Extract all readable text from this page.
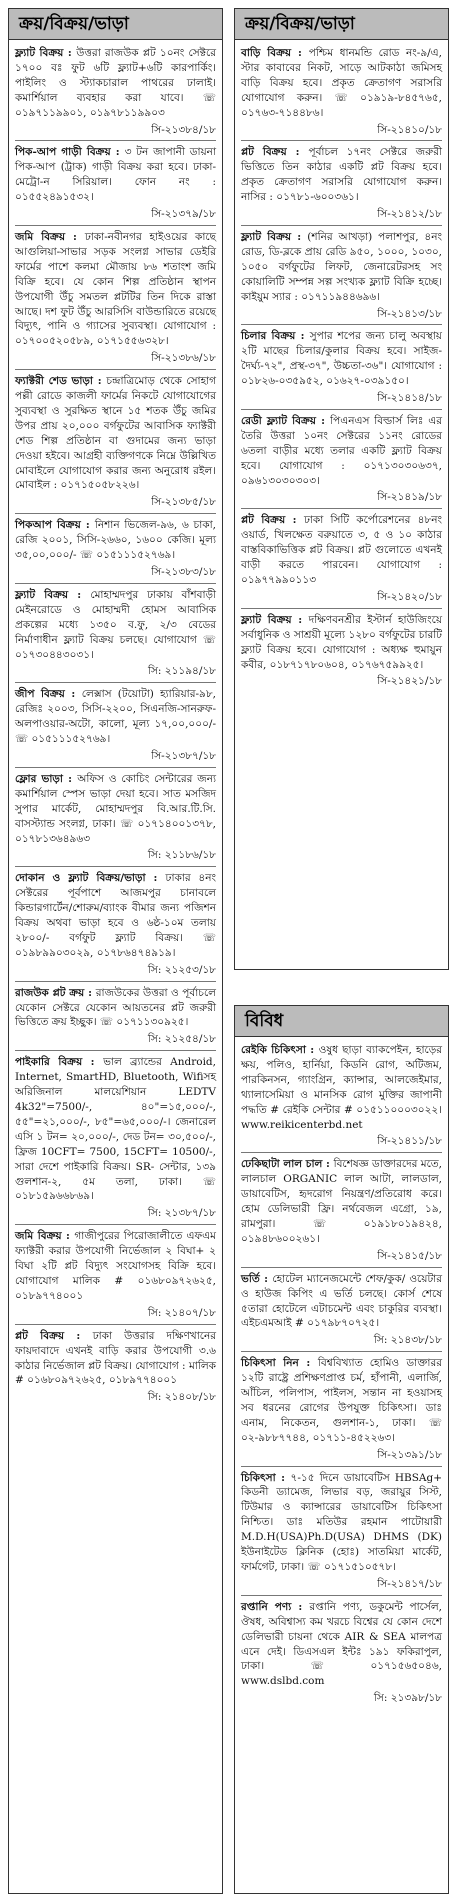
ক্রয়/বিক্রয়/ভাড়া
ফ্ল্যাট বিক্রয় : উত্তরা রাজউক প্লট ১০নং সেক্টরে ১৭০০ বঃ ফুট ৬টি ফ্ল্যাট+৬টি কারপার্কিং। পাইলিং ও স্ট্যাকচারাল পাথরের ঢালাই। কমার্শিয়াল ব্যবহার করা যাবে। ☏ ০১৯৭১১৯৯০১, ০১৯৭৮১১৯৯০৩
সি-২১৩৮৪/১৮
পিক-আপ গাড়ী বিক্রয় : ৩ টন জাপানী ডায়না পিক-আপ (ট্রাক) গাড়ী বিক্রয় করা হবে। ঢাকা-মেট্রো-ন সিরিয়াল। ফোন নং : ০১৫৫২৪৯১৫৩২।
সি-২১৩৭৯/১৮
জমি বিক্রয় : ঢাকা-নবীনগর হাইওয়ের কাছে আগুলিয়া-সাভার সড়ক সংলগ্ন সাভার ডেইরি ফার্মের পাশে কলমা মৌজায় ৮৬ শতাংশ জমি বিক্রি হবে। যে কোন শিল্প প্রতিষ্ঠান স্থাপন উপযোগী উঁচু সমতল প্লটটির তিন দিকে রাস্তা আছে। দশ ফুট উঁচু আরসিসি বাউন্ডারিতে রয়েছে বিদ্যুৎ, পানি ও গ্যাসের সুব্যবস্থা। যোগাযোগ : ০১৭০০৫২০৫৮৯, ০১৭১৫৫৬৩২৮।
সি-২১৩৮৬/১৮
ফ্যাক্টরী শেড ভাড়া : চন্দ্রাত্রিমোড় থেকে সোহাগ পল্লী রোডে কাজলী ফার্মের নিকটে যোগাযোগের সুব্যবস্থা ও সুরক্ষিত স্থানে ১৫ শতক উঁচু জমির উপর প্রায় ২০,০০০ বর্গফুটের আবাসিক ফ্যাক্টরী শেড শিল্প প্রতিষ্ঠান বা গুদামের জন্য ভাড়া দেওয়া হইবে। আগ্রহী ব্যক্তিগণকে নিম্নে উল্লিখিত মোবাইলে যোগাযোগ করার জন্য অনুরোধ রইল। মোবাইল : ০১৭১৫০৫৮২২৬।
সি-২১৩৮৫/১৮
পিকআপ বিক্রয় : নিশান ভিজেল-৯৬, ৬ চাকা, রেজি ২০০১, সিসি-২৬৬০, ১৬০০ কেজি। মূল্য ৩৫,০০,০০০/- ☏ ০১৫১১১৫২৭৬৯।
সি-২১৩৮৩/১৮
ফ্ল্যাট বিক্রয় : মোহাম্মদপুর ঢাকায় বাঁশবাড়ী মেইনরোডে ও মোহাম্মদী হোমস আবাসিক প্রকল্পের মধ্যে ১৩৫০ ব.ফু, ২/৩ বেডের নির্মাণাধীন ফ্ল্যাট বিক্রয় চলছে। যোগাযোগ ☏ ০১৭৩০৪৪৩০৩১।
সি: ২১১৯৪/১৮
জীপ বিক্রয় : লেক্সাস (টয়োটা) হ্যারিয়ার-৯৮, রেজিঃ ২০০৩, সিসি-২২০০, সিএনজি-সানরুফ-অলপাওয়ার-অটো, কালো, মূল্য ১৭,০০,০০০/- ☏ ০১৫১১১৫২৭৬৯।
সি-২১৩৮৭/১৮
ফ্লোর ভাড়া : অফিস ও কোচিং সেন্টারের জন্য কমার্শিয়াল স্পেস ভাড়া দেয়া হবে। সাত মসজিদ সুপার মার্কেট, মোহাম্মদপুর বি.আর.টি.সি. বাসস্ট্যান্ড সংলগ্ন, ঢাকা। ☏ ০১৭১৪০০১৩৭৮, ০১৭৮১৩৬৪৯৬৩
সি: ২১১৮৬/১৮
দোকান ও ফ্ল্যাট বিক্রয়/ভাড়া : ঢাকার ৪নং সেক্টরের পূর্বপাশে আজমপুর চানাবলে কিন্ডারগার্টেন/শোরুম/ব্যাংক বীমার জন্য পজিশন বিক্রয় অথবা ভাড়া হবে ও ৬ষ্ঠ-১০ম তলায় ২৮০০/- বর্গফুট ফ্ল্যাট বিক্রয়। ☏ ০১৯৮৯৯০৩০২৯, ০১৭৮৬৪৭৪৯১৯।
সি: ২১২৫৩/১৮
রাজউক প্লট ক্রয় : রাজউকের উত্তরা ও পূর্বাচলে যেকোন সেক্টরে যেকোন আয়তনের প্লট জরুরী ভিত্তিতে ক্রয় ইচ্ছুক। ☏ ০১৭১১৩০৯২৫।
সি: ২১২৫৪/১৮
পাইকারি বিক্রয় : ভাল ব্র্যান্ডের Android, Internet, SmartHD, Bluetooth, Wifiসহ অরিজিনাল মালয়েশিয়ান LEDTV 4k32"=7500/-, ৪০"=১৫,০০০/-, ৫৫"=২১,০০০/-, ৮৫"=৬৫,০০০/-। জেনারেল এসি ১ টন= ২০,০০০/-, দেড টন= ৩০,৫০০/-, ফ্রিজ 10CFT= 7500, 15CFT= 10500/-, সারা দেশে পাইকারি বিক্রয়। SR- সেন্টার, ১৩৯ গুলশান-২, ৫ম তলা, ঢাকা। ☏ ০১৮১৫৯৬৬৮৬৯।
সি: ২১৩৮৭/১৮
জমি বিক্রয় : গাজীপুরের পিরোজালীতে এফএম ফ্যাক্টরী করার উপযোগী নির্ভেজাল ২ বিঘা+ ২ বিঘা ২টি প্লট বিদ্যুৎ সংযোগসহ বিক্রি হবে। যোগাযোগ মালিক # ০১৬৮০৯৭২৬২৫, ০১৮৯৭৭৪০০১
সি: ২১৪০৭/১৮
প্লট বিক্রয় : ঢাকা উত্তরার দক্ষিণখানের ফায়দাবাদে এখনই বাড়ি করার উপযোগী ৩.৬ কাঠার নির্ভেজাল প্লট বিক্রয়। যোগাযোগ : মালিক # ০১৬৮০৯৭২৬২৫, ০১৮৯৭৭৪০০১
সি: ২১৪০৮/১৮
ক্রয়/বিক্রয়/ভাড়া
বাড়ি বিক্রয় : পশ্চিম ধানমন্ডি রোড নং-৯/এ, স্টার কাবাবের নিকট, সাড়ে আটকাঠা জমিসহ বাড়ি বিক্রয় হবে। প্রকৃত ক্রেতাগণ সরাসরি যোগাযোগ করুন। ☏ ০১৯১৯-৮৪৫৭৬৫, ০১৭৬৩-৭১৪৪৮৬।
সি-২১৪১০/১৮
প্লট বিক্রয় : পূর্বাচল ১৭নং সেক্টরে জরুরী ভিত্তিতে তিন কাঠার একটি প্লট বিক্রয় হবে। প্রকৃত ক্রেতাগণ সরাসরি যোগাযোগ করুন। নাসির : ০১৭৮১-৬০০৩৬১।
সি-২১৪১২/১৮
ফ্ল্যাট বিক্রয় : (শনির আখড়া) পলাশপুর, ৪নং রোড, ডি-ব্লকে প্রায় রেডি ৯৫০, ১০০০, ১০৩০, ১০৫০ বর্গফুটের লিফট, জেনারেটরসহ সং কোয়ালিটি সম্পন্ন সল্প সংখ্যক ফ্ল্যাট বিক্রি হচ্ছে। কাইয়ুম স্যার : ০১৭১১৯৪৪৬৯৬।
সি-২১৪১৩/১৮
চিলার বিক্রয় : সুপার শপের জন্য চালু অবস্থায় ২টি মাছের চিলার/কুলার বিক্রয় হবে। সাইজ-দৈর্ঘ্য-৭২", প্রস্থ-৩৭", উচ্চতা-৩৬"। যোগাযোগ : ০১৮২৬-০৩৫৯৫২, ০১৬২৭-০৩৯১৫০।
সি-২১৪১৪/১৮
রেডী ফ্ল্যাট বিক্রয় : পিএনএস বিল্ডার্স লিঃ এর তৈরি উত্তরা ১০নং সেক্টরের ১১নং রোডের ৬তলা বাড়ীর মধ্যে তলার একটি ফ্ল্যাট বিক্রয় হবে। যোগাযোগ : ০১৭১৩০৩০৬৩৭, ০৯৬১৩০৩০৩০৩।
সি-২১৪১৯/১৮
প্লট বিক্রয় : ঢাকা সিটি কর্পোরেশনের ৪৮নং ওয়ার্ড, খিলক্ষেত বরুয়াতে ৩, ৫ ও ১০ কাঠার বাস্তবিকাভিত্তিক প্লট বিক্রয়। প্লট গুলোতে এখনই বাড়ী করতে পারবেন। যোগাযোগ : ০১৯৭৭৯৯০১১৩
সি-২১৪২০/১৮
ফ্ল্যাট বিক্রয় : দক্ষিণবনশ্রীর ইস্টার্ন হাউজিংয়ে সর্বাধুনিক ও সাশ্রয়ী মূল্যে ১২৮০ বর্গফুটের চারটি ফ্ল্যাট বিক্রয় হবে। যোগাযোগ : অধ্যক্ষ হুমায়ুন কবীর, ০১৮৭১৭৮০৬০৪, ০১৭৬৭৫৯৯২৫।
সি-২১৪২১/১৮
বিবিধ
রেইকি চিকিৎসা : ওষুধ ছাড়া ব্যাকপেইন, হাড়ের ক্ষয়, পলিও, হার্নিয়া, কিডনি রোগ, অটিজম, পারকিনসন, গ্যাংগ্রিন, ক্যান্সার, আলজেইমার, থ্যালাসেমিয়া ও মানসিক রোগ মুক্তির জাপানী পদ্ধতি # রেইকি সেন্টার # ০১৫১১০০০৩০২২। www.reikicenterbd.net
সি-২১৪১১/১৮
ঢেকিছাটা লাল চাল : বিশেষজ্ঞ ডাক্তারদের মতে, লালচাল ORGANIC লাল আটা, লালডাল, ডায়াবেটিস, হৃদরোগ নিয়ন্ত্রণ/প্রতিরোধ করে। হোম ডেলিভারী ফ্রি। নর্থবেজল এগ্রো, ১৯, রামপুরা। ☏ ০১৯১৮০১৯৪২৪, ০১৯৪৮৬০০২৬১।
সি-২১৪১৫/১৮
ভর্তি : হোটেল ম্যানেজমেন্টে শেফ/কুক/ ওয়েটার ও হাউজ কিপিং এ ভর্তি চলছে। কোর্স শেষে ৫তারা হোটেলে এটাচমেন্ট এবং চাকুরির ব্যবস্থা। এইচএমআই # ০১৭৯৮৭০৭২৫।
সি: ২১৪৩৮/১৮
চিকিৎসা নিন : বিশ্ববিখ্যাত হোমিও ডাক্তারর ১২টি রাষ্ট্রে প্রশিক্ষণপ্রাপ্ত চর্ম, হাঁপানী, এলার্জি, আঁচিল, পলিপাস, পাইলস, সন্তান না হওয়াসহ সব ধরনের রোগের উপযুক্ত চিকিৎসা। ডাঃ এনাম, নিকেতন, গুলশান-১, ঢাকা। ☏ ০২-৯৮৮৭৭৪৪, ০১৭১১-৪৫২২৬৩।
সি-২১৩৯১/১৮
চিকিৎসা : ৭-১৫ দিনে ডায়াবেটিস HBSAg+ কিডনী ড্যামেজ, লিভার বড়, জরায়ুর সিস্ট, টিউমার ও ক্যান্সারের ডায়াবেটিস চিকিৎসা নিশ্চিত। ডাঃ মতিউর রহমান পাটোয়ারী M.D.H(USA)Ph.D(USA) DHMS (DK) ইউনাইটেড ক্লিনিক (হোঃ) সাতমিয়া মার্কেট, ফার্মগেট, ঢাকা। ☏ ০১৭১৫১০৫৭৮।
সি-২১৪১৭/১৮
রপ্তানি পণ্য : রপ্তানি পণ্য, ডকুমেন্ট পার্সেল, ঔষধ, অবিশ্বাস্য কম খরচে বিশ্বের যে কোন দেশে ডেলিভারী চায়না থেকে AIR & SEA মালপত্র এনে দেই। ডিএসএল ইন্টঃ ১৯১ ফকিরাপুল, ঢাকা। ☏ ০১৭১৫৬৫০৪৬, www.dslbd.com
সি: ২১৩৯৮/১৮
